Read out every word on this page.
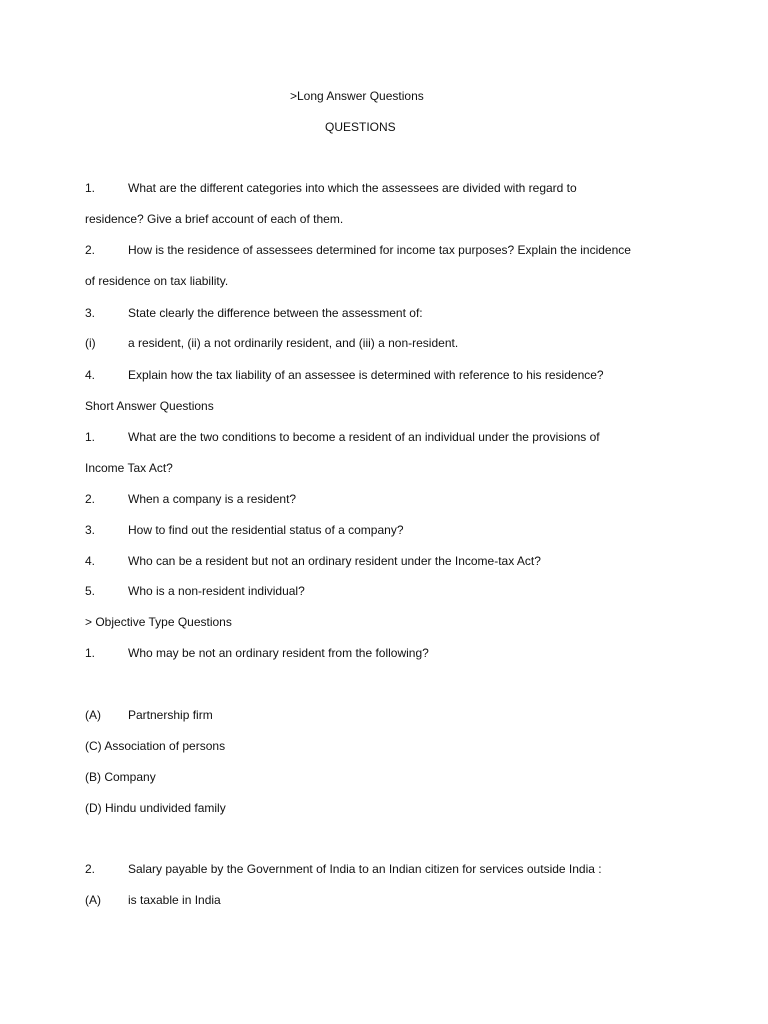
>Long Answer Questions
QUESTIONS
1.	What are the different categories into which the assessees are divided with regard to
residence? Give a brief account of each of them.
2.	How is the residence of assessees determined for income tax purposes? Explain the incidence
of residence on tax liability.
3.	State clearly the difference between the assessment of:
(i)	a resident, (ii) a not ordinarily resident, and (iii) a non-resident.
4.	Explain how the tax liability of an assessee is determined with reference to his residence?
Short Answer Questions
1.	What are the two conditions to become a resident of an individual under the provisions of
Income Tax Act?
2.	When a company is a resident?
3.	How to find out the residential status of a company?
4.	Who can be a resident but not an ordinary resident under the Income-tax Act?
5.	Who is a non-resident individual?
> Objective Type Questions
1.	Who may be not an ordinary resident from the following?
(A) Partnership firm
(C) Association of persons
(B) Company
(D) Hindu undivided family
2.	Salary payable by the Government of India to an Indian citizen for services outside India :
(A) is taxable in India
